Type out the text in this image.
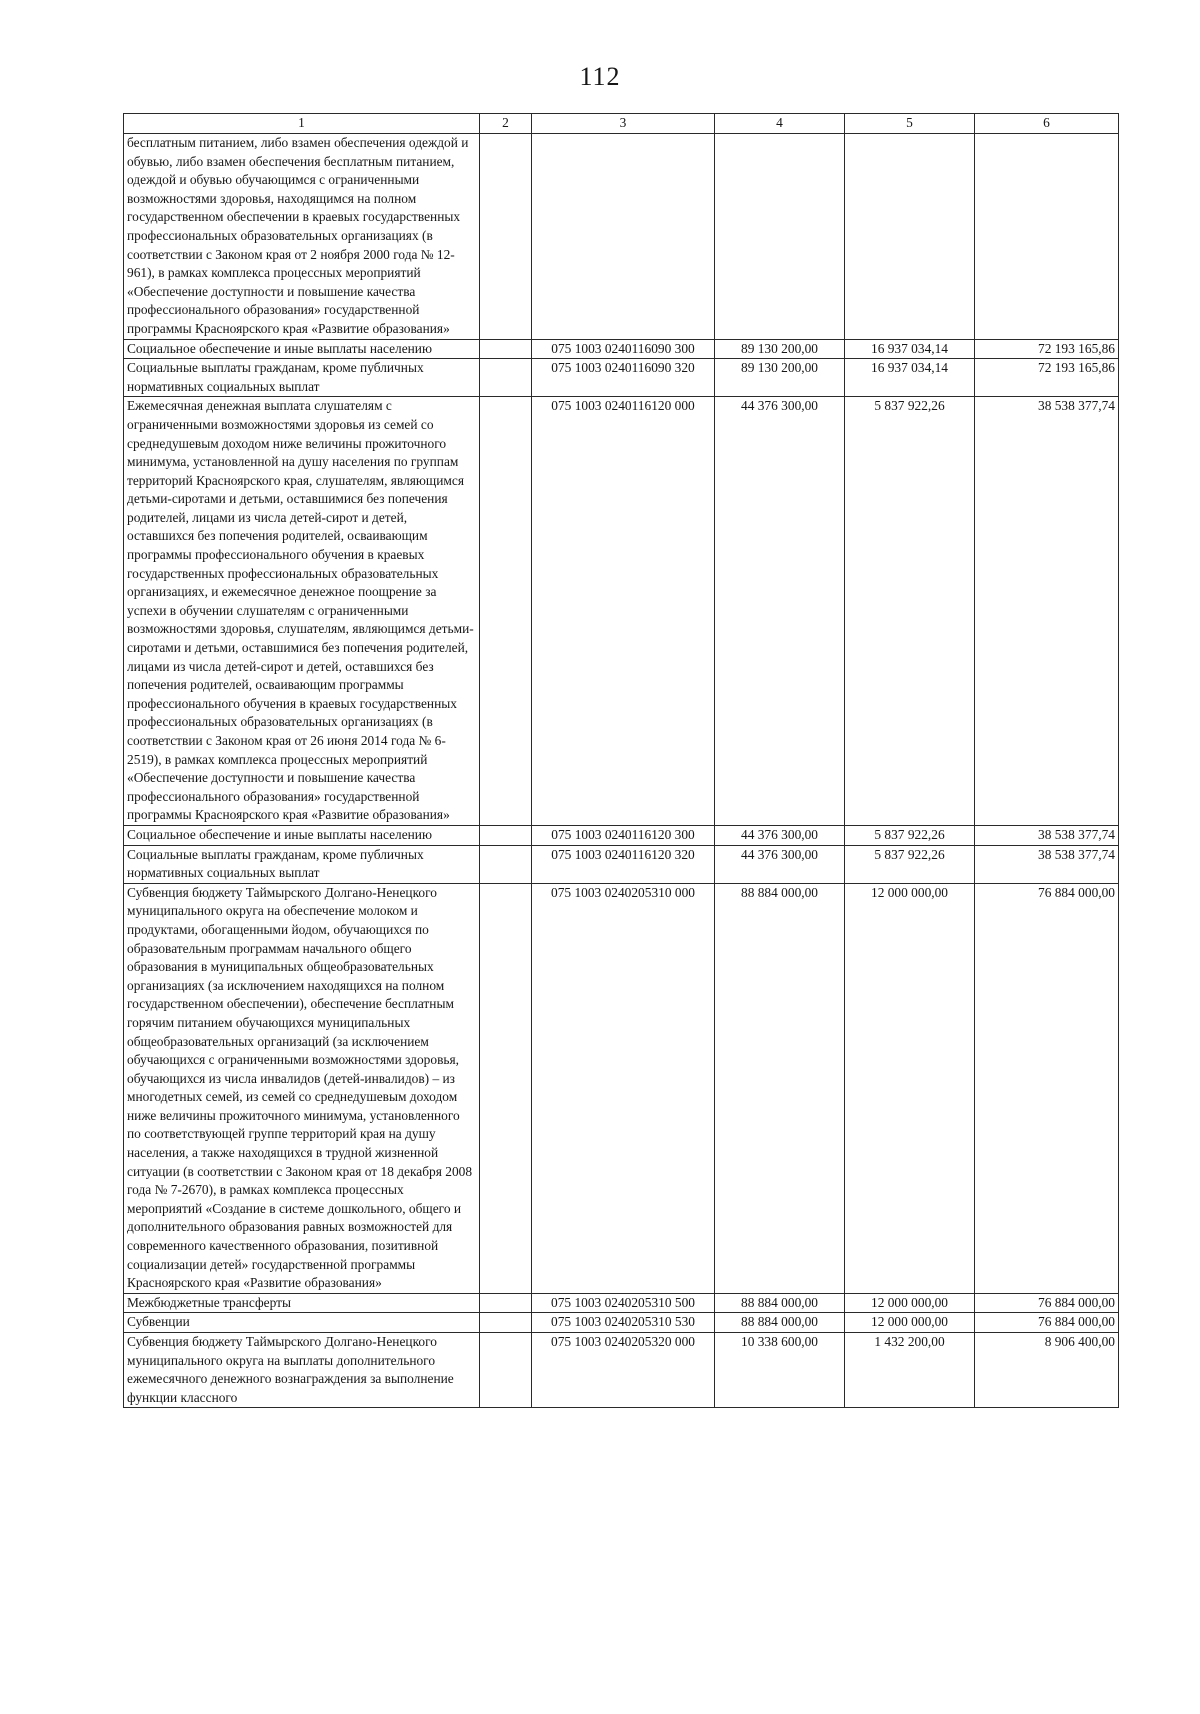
112
1	2	3	4	5	6
бесплатным питанием, либо взамен обеспечения одеждой и обувью, либо взамен обеспечения бесплатным питанием, одеждой и обувью обучающимся с ограниченными возможностями здоровья, находящимся на полном государственном обеспечении в краевых государственных профессиональных образовательных организациях (в соответствии с Законом края от 2 ноября 2000 года № 12-961), в рамках комплекса процессных мероприятий «Обеспечение доступности и повышение качества профессионального образования» государственной программы Красноярского края «Развитие образования»					
Социальное обеспечение и иные выплаты населению		075 1003 0240116090 300	89 130 200,00	16 937 034,14	72 193 165,86
Социальные выплаты гражданам, кроме публичных нормативных социальных выплат		075 1003 0240116090 320	89 130 200,00	16 937 034,14	72 193 165,86
Ежемесячная денежная выплата слушателям с ограниченными возможностями здоровья из семей со среднедушевым доходом ниже величины прожиточного минимума, установленной на душу населения по группам территорий Красноярского края, слушателям, являющимся детьми-сиротами и детьми, оставшимися без попечения родителей, лицами из числа детей-сирот и детей, оставшихся без попечения родителей, осваивающим программы профессионального обучения в краевых государственных профессиональных образовательных организациях, и ежемесячное денежное поощрение за успехи в обучении слушателям с ограниченными возможностями здоровья, слушателям, являющимся детьми-сиротами и детьми, оставшимися без попечения родителей, лицами из числа детей-сирот и детей, оставшихся без попечения родителей, осваивающим программы профессионального обучения в краевых государственных профессиональных образовательных организациях (в соответствии с Законом края от 26 июня 2014 года № 6-2519), в рамках комплекса процессных мероприятий «Обеспечение доступности и повышение качества профессионального образования» государственной программы Красноярского края «Развитие образования»		075 1003 0240116120 000	44 376 300,00	5 837 922,26	38 538 377,74
Социальное обеспечение и иные выплаты населению		075 1003 0240116120 300	44 376 300,00	5 837 922,26	38 538 377,74
Социальные выплаты гражданам, кроме публичных нормативных социальных выплат		075 1003 0240116120 320	44 376 300,00	5 837 922,26	38 538 377,74
Субвенция бюджету Таймырского Долгано-Ненецкого муниципального округа на обеспечение молоком и продуктами, обогащенными йодом, обучающихся по образовательным программам начального общего образования в муниципальных общеобразовательных организациях (за исключением находящихся на полном государственном обеспечении), обеспечение бесплатным горячим питанием обучающихся муниципальных общеобразовательных организаций (за исключением обучающихся с ограниченными возможностями здоровья, обучающихся из числа инвалидов (детей-инвалидов) – из многодетных семей, из семей со среднедушевым доходом ниже величины прожиточного минимума, установленного по соответствующей группе территорий края на душу населения, а также находящихся в трудной жизненной ситуации (в соответствии с Законом края от 18 декабря 2008 года № 7-2670), в рамках комплекса процессных мероприятий «Создание в системе дошкольного, общего и дополнительного образования равных возможностей для современного качественного образования, позитивной социализации детей» государственной программы Красноярского края «Развитие образования»		075 1003 0240205310 000	88 884 000,00	12 000 000,00	76 884 000,00
Межбюджетные трансферты		075 1003 0240205310 500	88 884 000,00	12 000 000,00	76 884 000,00
Субвенции		075 1003 0240205310 530	88 884 000,00	12 000 000,00	76 884 000,00
Субвенция бюджету Таймырского Долгано-Ненецкого муниципального округа на выплаты дополнительного ежемесячного денежного вознаграждения за выполнение функции классного		075 1003 0240205320 000	10 338 600,00	1 432 200,00	8 906 400,00
